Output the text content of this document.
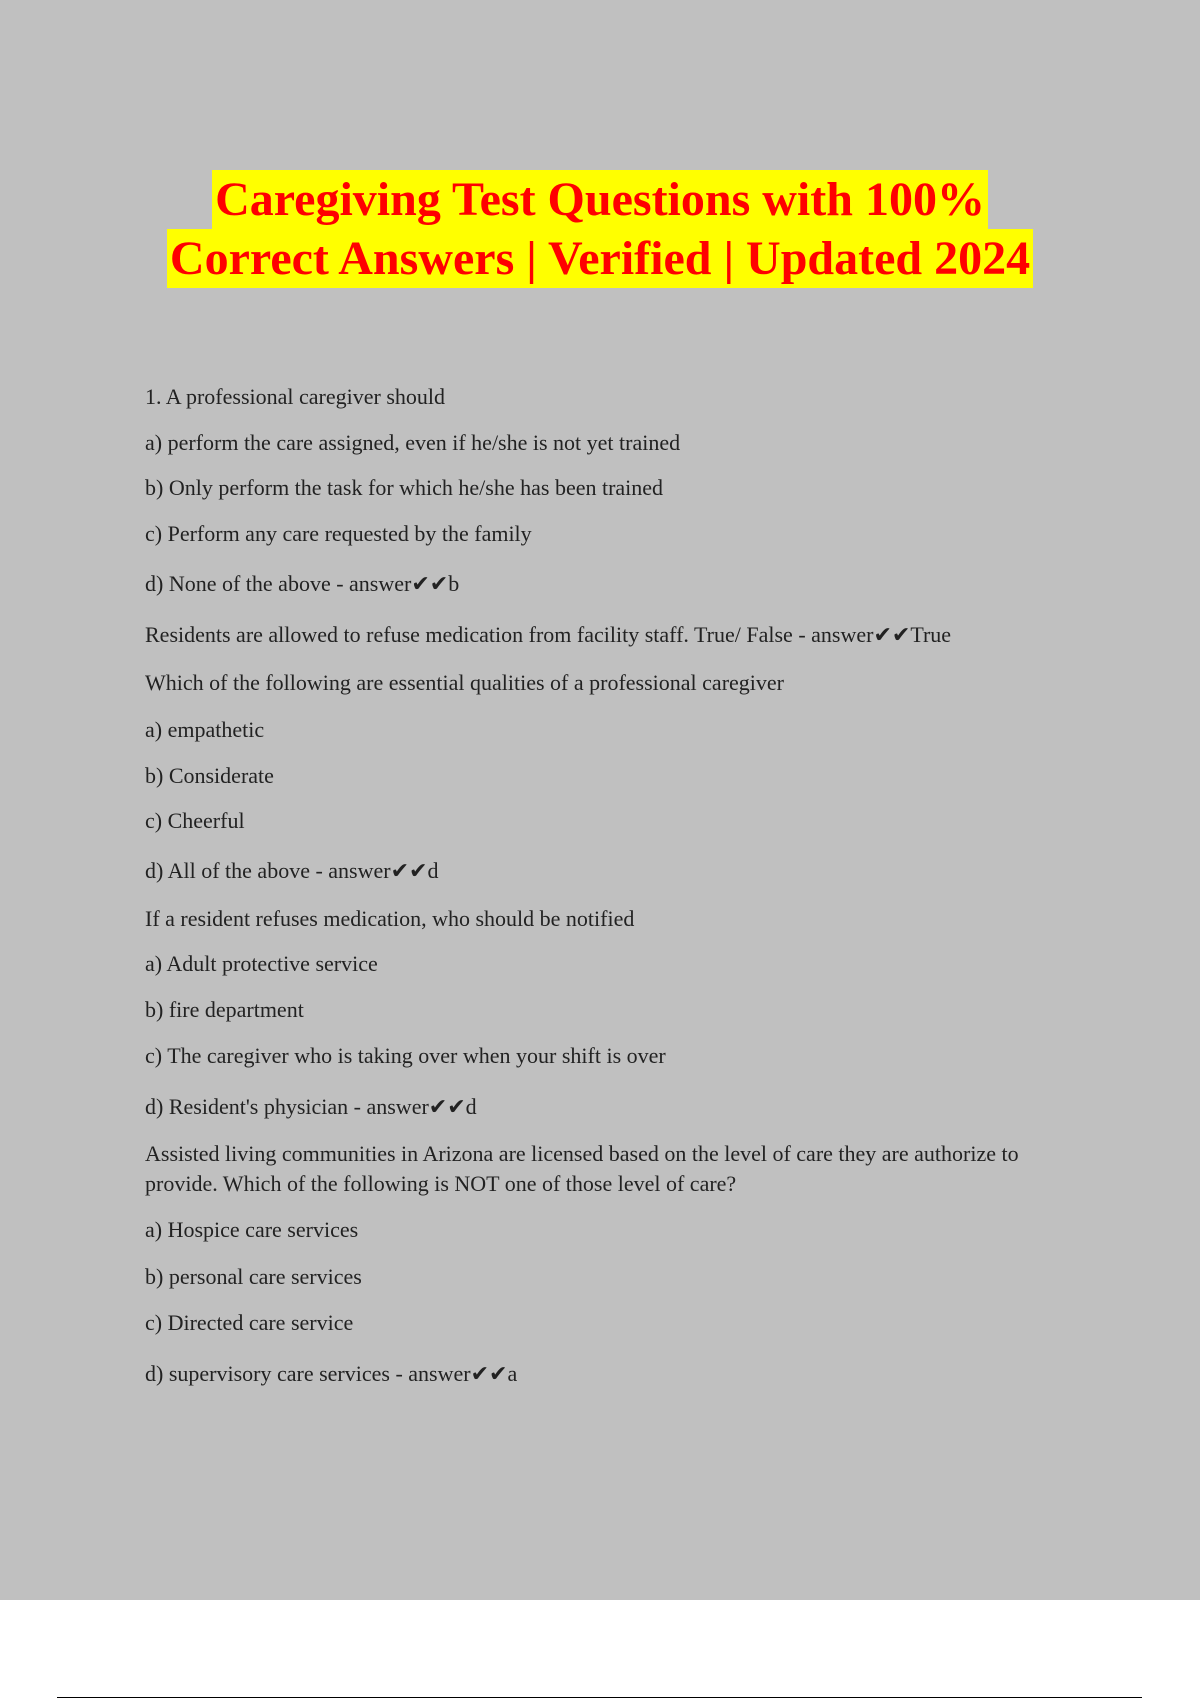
Caregiving Test Questions with 100%
Correct Answers | Verified | Updated 2024
1. A professional caregiver should
a) perform the care assigned, even if he/she is not yet trained
b) Only perform the task for which he/she has been trained
c) Perform any care requested by the family
d) None of the above - answer✔✔b
Residents are allowed to refuse medication from facility staff. True/ False - answer✔✔True
Which of the following are essential qualities of a professional caregiver
a) empathetic
b) Considerate
c) Cheerful
d) All of the above - answer✔✔d
If a resident refuses medication, who should be notified
a) Adult protective service
b) fire department
c) The caregiver who is taking over when your shift is over
d) Resident's physician - answer✔✔d
Assisted living communities in Arizona are licensed based on the level of care they are authorize to provide. Which of the following is NOT one of those level of care?
a) Hospice care services
b) personal care services
c) Directed care service
d) supervisory care services - answer✔✔a
